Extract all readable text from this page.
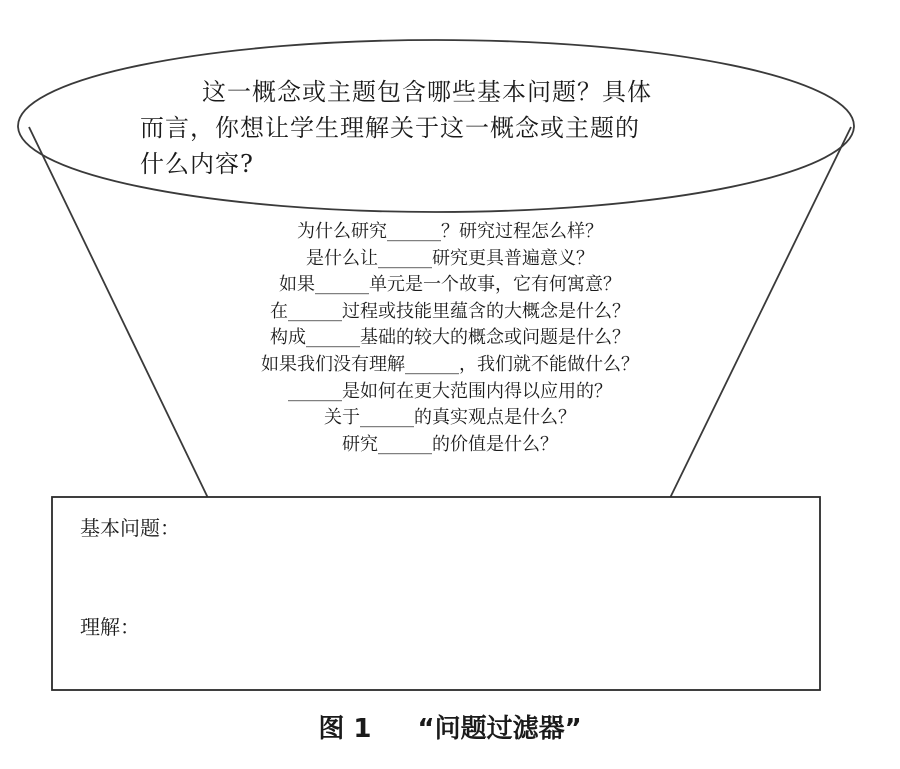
这一概念或主题包含哪些基本问题？具体
而言，你想让学生理解关于这一概念或主题的
什么内容?
为什么研究______？研究过程怎么样？
是什么让______研究更具普遍意义？
如果______单元是一个故事，它有何寓意？
在______过程或技能里蕴含的大概念是什么？
构成______基础的较大的概念或问题是什么？
如果我们没有理解______，我们就不能做什么？
______是如何在更大范围内得以应用的？
关于______的真实观点是什么？
研究______的价值是什么？
基本问题：
理解：
图 1 “问题过滤器”
